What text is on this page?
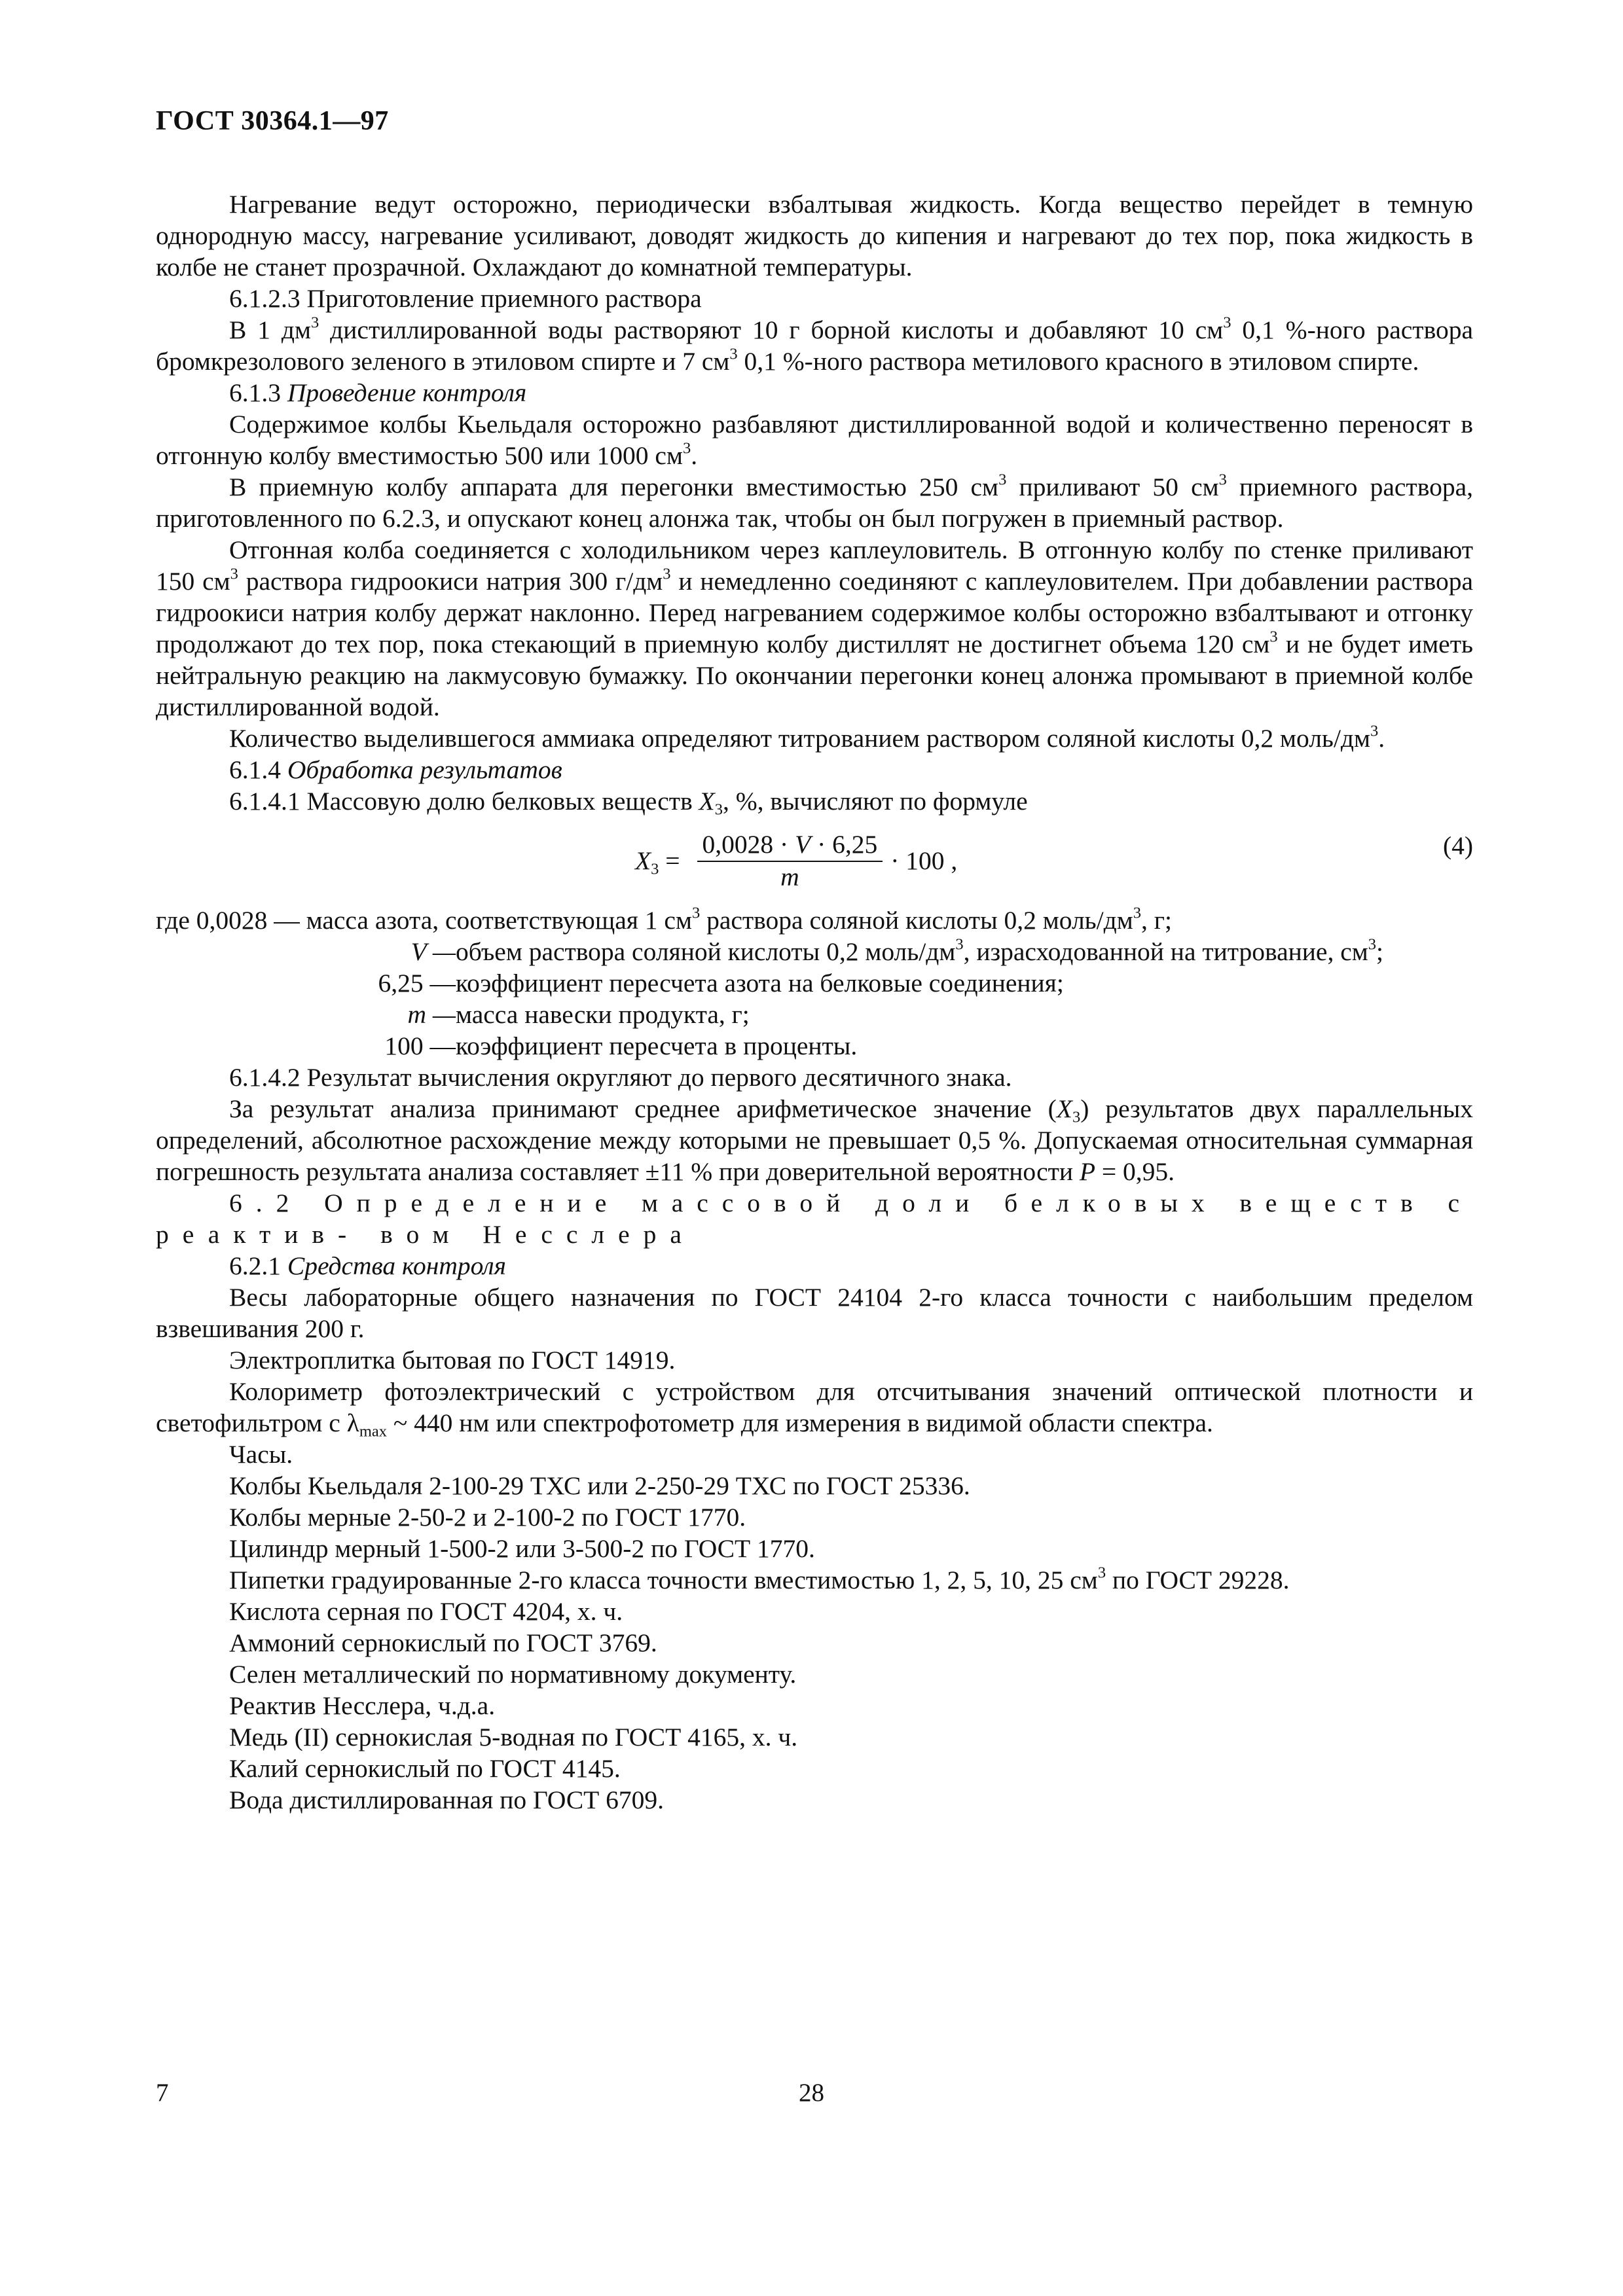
ГОСТ 30364.1—97

Нагревание ведут осторожно, периодически взбалтывая жидкость. Когда вещество перейдет в темную однородную массу, нагревание усиливают, доводят жидкость до кипения и нагревают до тех пор, пока жидкость в колбе не станет прозрачной. Охлаждают до комнатной температуры.

6.1.2.3 Приготовление приемного раствора

В 1 $дм^3$ дистиллированной воды растворяют 10 г борной кислоты и добавляют 10 $см^3$ 0,1 %-ного раствора бромкрезолового зеленого в этиловом спирте и 7 $см^3$ 0,1 %-ного раствора метилового красного в этиловом спирте.

6.1.3 Проведение контроля

Содержимое колбы Кьельдаля осторожно разбавляют дистиллированной водой и количественно переносят в отгонную колбу вместимостью 500 или 1000 $см^3$.

В приемную колбу аппарата для перегонки вместимостью 250 $см^3$ приливают 50 $см^3$ приемного раствора, приготовленного по 6.2.3, и опускают конец алонжа так, чтобы он был погружен в приемный раствор.

Отгонная колба соединяется с холодильником через каплеуловитель. В отгонную колбу по стенке приливают 150 $см^3$ раствора гидроокиси натрия 300 $г/дм^3$ и немедленно соединяют с каплеуловителем. При добавлении раствора гидроокиси натрия колбу держат наклонно. Перед нагреванием содержимое колбы осторожно взбалтывают и отгонку продолжают до тех пор, пока стекающий в приемную колбу дистиллят не достигнет объема 120 $см^3$ и не будет иметь нейтральную реакцию на лакмусовую бумажку. По окончании перегонки конец алонжа промывают в приемной колбе дистиллированной водой.

Количество выделившегося аммиака определяют титрованием раствором соляной кислоты 0,2 моль/$дм^3$.

6.1.4 Обработка результатов

6.1.4.1 Массовую долю белковых веществ $X_3$, %, вычисляют по формуле

$X_3 = \frac{0,0028 \cdot V \cdot 6,25}{m} \cdot 100$ ,
(4)
где 0,0028 — масса азота, соответствующая 1 $см^3$ раствора соляной кислоты 0,2 моль/$дм^3$, г;
V — объем раствора соляной кислоты 0,2 моль/$дм^3$, израсходованной на титрование, $см^3$;
6,25 — коэффициент пересчета азота на белковые соединения;
m — масса навески продукта, г;
100 — коэффициент пересчета в проценты.

6.1.4.2 Результат вычисления округляют до первого десятичного знака.

За результат анализа принимают среднее арифметическое значение $(X_3)$ результатов двух параллельных определений, абсолютное расхождение между которыми не превышает 0,5 %. Допускаемая относительная суммарная погрешность результата анализа составляет ±11 % при доверительной вероятности P = 0,95.

6.2 Определение массовой доли белковых веществ с реактив- вом Несслера

6.2.1 Средства контроля

Весы лабораторные общего назначения по ГОСТ 24104 2-го класса точности с наибольшим пределом взвешивания 200 г.

Электроплитка бытовая по ГОСТ 14919.

Колориметр фотоэлектрический с устройством для отсчитывания значений оптической плотности и светофильтром с $\lambda_{max}$ ~ 440 нм или спектрофотометр для измерения в видимой области спектра.

Часы.

Колбы Кьельдаля 2-100-29 ТХС или 2-250-29 ТХС по ГОСТ 25336.

Колбы мерные 2-50-2 и 2-100-2 по ГОСТ 1770.

Цилиндр мерный 1-500-2 или 3-500-2 по ГОСТ 1770.

Пипетки градуированные 2-го класса точности вместимостью 1, 2, 5, 10, 25 $см^3$ по ГОСТ 29228.

Кислота серная по ГОСТ 4204, х. ч.

Аммоний сернокислый по ГОСТ 3769.

Селен металлический по нормативному документу.

Реактив Несслера, ч.д.а.

Медь (II) сернокислая 5-водная по ГОСТ 4165, х. ч.

Калий сернокислый по ГОСТ 4145.

Вода дистиллированная по ГОСТ 6709.

7	28
